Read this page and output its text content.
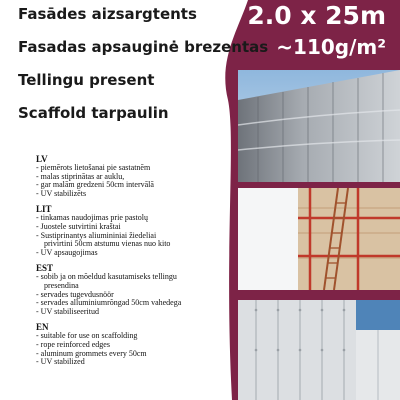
Fasādes aizsargtents
Fasadas apsauginė brezentas
Tellingu present
Scaffold tarpaulin
2.0 x 25m
~110g/m²
LV
- piemērots lietošanai pie sastatnēm
- malas stiprinātas ar auklu,
- gar malām gredzeni 50cm intervālā
- UV stabilizēts
LIT
- tinkamas naudojimas prie pastolų
- Juostele sutvirtini kraštai
- Sustiprinantys aliumininiai žiedeliai
privirtini 50cm atstumu vienas nuo kito
- UV apsaugojimas
EST
- sobib ja on mõeldud kasutamiseks tellingu
presendina
- servades tugevdusnöör
- servades alluminiumrõngad 50cm vahedega
- UV stabiliseeritud
EN
- suitable for use on scaffolding
- rope reinforced edges
- aluminum grommets every 50cm
- UV stabilized
